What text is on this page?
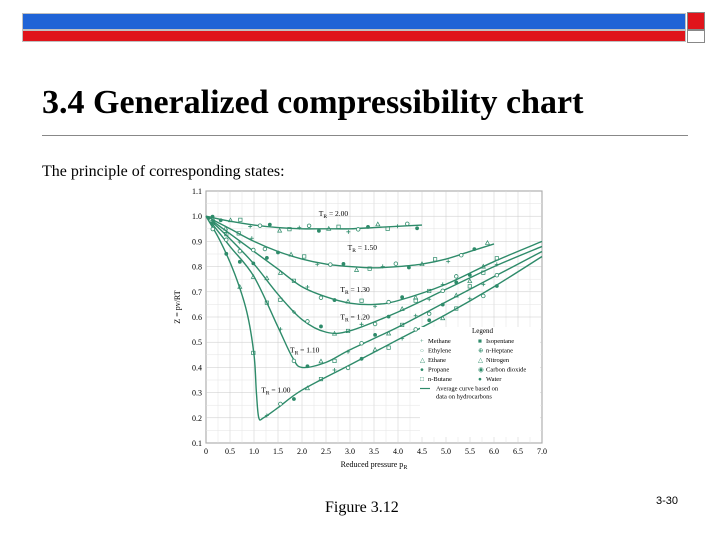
3.4 Generalized compressibility chart
The principle of corresponding states:
0 0.5 1.0 1.5 2.0 2.5 3.0 3.5 4.0 4.5 5.0 5.5 6.0 6.5 7.0
0.1
0.2
0.3
0.4
0.5
0.6
0.7
0.8
0.9
1.0
1.1
$T_R = 2.00$
$T_R = 1.50$
$T_R = 1.30$
$T_R = 1.20$
$T_R = 1.10$
$T_R = 1.00$
Legend
+ Methane	■ Isopentane
○ Ethylene	⊕ n-Heptane
△ Ethane	△ Nitrogen
● Propane	◉ Carbon dioxide
□ n-Butane	● Water
Average curve based on
data on hydrocarbons
Reduced pressure $p_R$
Z = pv/RT
Figure 3.12	3-30
